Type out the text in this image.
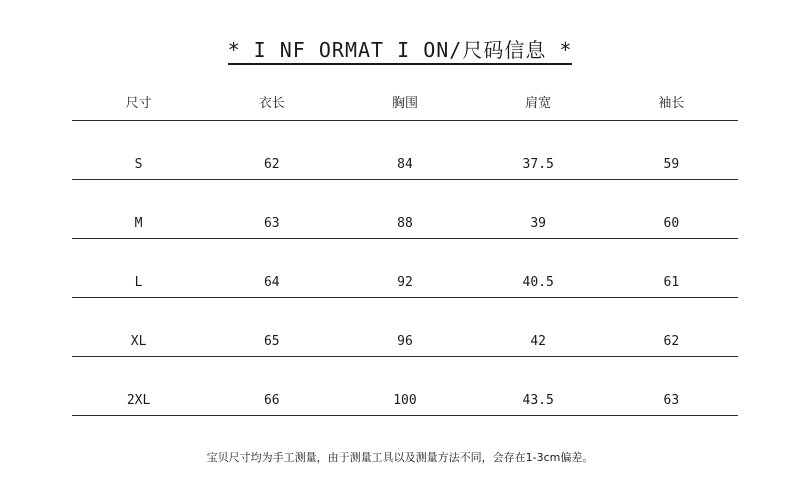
* I NF ORMAT I ON/尺码信息 *
尺寸	衣长	胸围	肩宽	袖长
S	62	84	37.5	59
M	63	88	39	60
L	64	92	40.5	61
XL	65	96	42	62
2XL	66	100	43.5	63
宝贝尺寸均为手工测量，由于测量工具以及测量方法不同，会存在1-3cm偏差。
